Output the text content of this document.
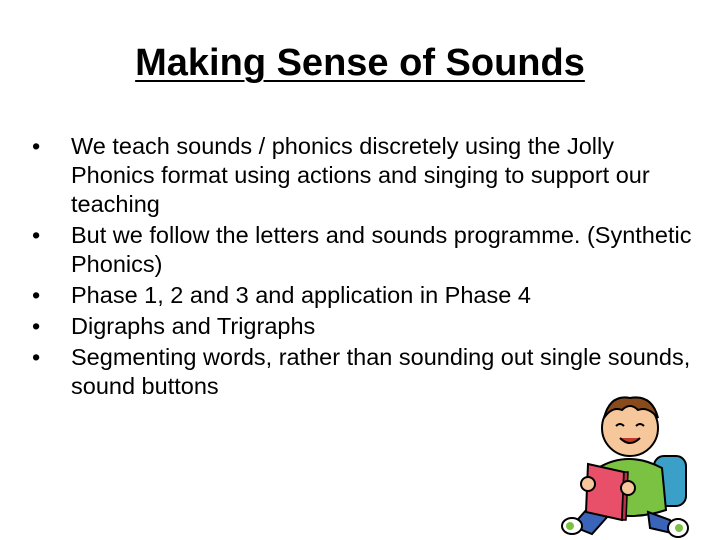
Making Sense of Sounds
• We teach sounds / phonics discretely using the Jolly Phonics format using actions and singing to support our teaching
• But we follow the letters and sounds programme. (Synthetic Phonics)
• Phase 1, 2 and 3 and application in Phase 4
• Digraphs and Trigraphs
• Segmenting words, rather than sounding out single sounds, sound buttons
